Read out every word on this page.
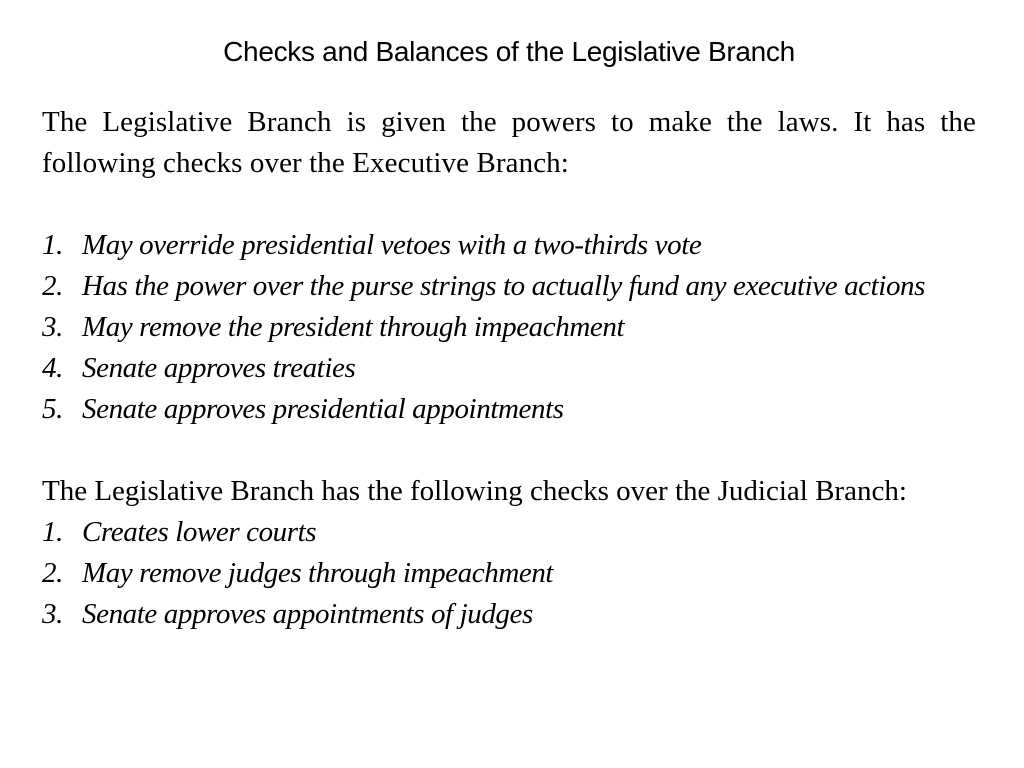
Checks and Balances of the Legislative Branch

The Legislative Branch is given the powers to make the laws. It has the following checks over the Executive Branch:

1. May override presidential vetoes with a two-thirds vote
2. Has the power over the purse strings to actually fund any executive actions
3. May remove the president through impeachment
4. Senate approves treaties
5. Senate approves presidential appointments

The Legislative Branch has the following checks over the Judicial Branch:

1. Creates lower courts
2. May remove judges through impeachment
3. Senate approves appointments of judges
